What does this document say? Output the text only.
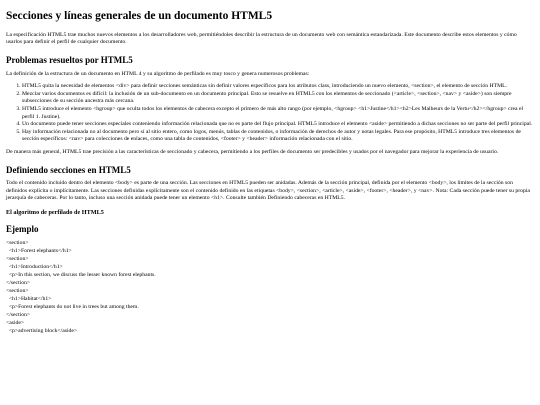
Secciones y líneas generales de un documento HTML5

La especificación HTML5 trae muchos nuevos elementos a los desarrolladores web, permitiéndoles describir la estructura de un documento web con semántica estandarizada. Este documento describe estos elementos y cómo usarlos para definir el perfil de cualquier documento.

Problemas resueltos por HTML5

La definición de la estructura de un documento en HTML 4 y su algoritmo de perfilado es muy tosco y genera numerosos problemas:

1. HTML5 quita la necesidad de elementos <div> para definir secciones semánticas sin definir valores específicos para los atributos class, introduciendo un nuevo elemento, <section>, el elemento de sección HTML.
2. Mezclar varios documentos es difícil: la inclusión de un sub-documento en un documento principal. Esto se resuelve en HTML5 con los elementos de seccionado (<article>, <section>, <nav> y <aside>) son siempre subsecciones de su sección ancestra más cercana.
3. HTML5 introduce el elemento <hgroup> que oculta todos los elementos de cabecera excepto el primero de más alto rango (por ejemplo, <hgroup> <h1>Justine</h1><h2>Les Malheurs de la Vertu</h2></hgroup> crea el perfil 1. Justine).
4. Un documento puede tener secciones especiales conteniendo información relacionada que no es parte del flujo principal. HTML5 introduce el elemento <aside> permitiendo a dichas secciones no ser parte del perfil principal.
5. Hay información relacionada no al documento pero sí al sitio entero, como logos, menús, tablas de contenidos, o información de derechos de autor y notas legales. Para ese propósito, HTML5 introduce tres elementos de sección específicos: <nav> para colecciones de enlaces, como una tabla de contenidos, <footer> y <header> información relacionada con el sitio.

De manera más general, HTML5 trae precisión a las características de seccionado y cabecera, permitiendo a los perfiles de documento ser predecibles y usados por el navegador para mejorar la experiencia de usuario.

Definiendo secciones en HTML5

Todo el contenido incluido dentro del elemento <body> es parte de una sección. Las secciones en HTML5 pueden ser anidadas. Además de la sección principal, definida por el elemento <body>, los límites de la sección son definidos explícita o implícitamente. Las secciones definidas explícitamente son el contenido definido en las etiquetas <body>, <section>, <article>, <aside>, <footer>, <header>, y <nav>. Nota: Cada sección puede tener su propia jerarquía de cabeceras. Por lo tanto, incluso una sección anidada puede tener un elemento <h1>. Consulte también Definiendo cabeceras en HTML5.

El algoritmo de perfilado de HTML5
Ejemplo
<section>
<h1>Forest elephants</h1>
<section>
<h1>Introduction</h1>
<p>In this section, we discuss the lesser known forest elephants.
</section>
<section>
<h1>Habitat</h1>
<p>Forest elephants do not live in trees but among them.
</section>
<aside>
<p>advertising block</aside>
